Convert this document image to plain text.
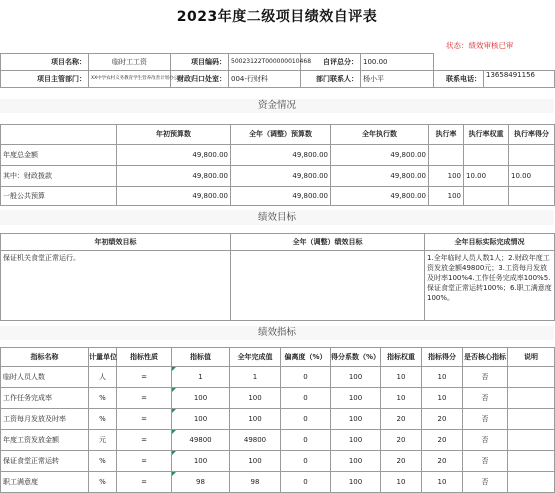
2023年度二级项目绩效自评表
状态：绩效审核已审
项目名称：	临时工工资	项目编码：	50023122T000000010468	自评总分：	100.00		
项目主管部门：	XX中学农村义务教育学生营养改善计划办公室	财政归口处室：	004-行财科	部门联系人：	杨小平	联系电话：	13658491156
资金情况
	年初预算数	全年（调整）预算数	全年执行数	执行率	执行率权重	执行率得分
年度总金额	49,800.00	49,800.00	49,800.00			
其中：财政拨款	49,800.00	49,800.00	49,800.00	100	10.00	10.00
一般公共预算	49,800.00	49,800.00	49,800.00	100		
绩效目标
年初绩效目标	全年（调整）绩效目标	全年目标实际完成情况
保证机关食堂正常运行。		1.全年临时人员人数1人；2.财政年度工资发放金额49800元；3.工资每月发放及时率100%4.工作任务完成率100%5.保证食堂正常运转100%；6.职工满意度100%。
绩效指标
指标名称	计量单位	指标性质	指标值	全年完成值	偏离度（%）	得分系数（%）	指标权重	指标得分	是否核心指标	说明
临时人员人数	人	=	1	1	0	100	10	10	否	
工作任务完成率	%	=	100	100	0	100	10	10	否	
工资每月发放及时率	%	=	100	100	0	100	20	20	否	
年度工资发放金额	元	=	49800	49800	0	100	20	20	否	
保证食堂正常运转	%	=	100	100	0	100	20	20	否	
职工满意度	%	=	98	98	0	100	10	10	否	
